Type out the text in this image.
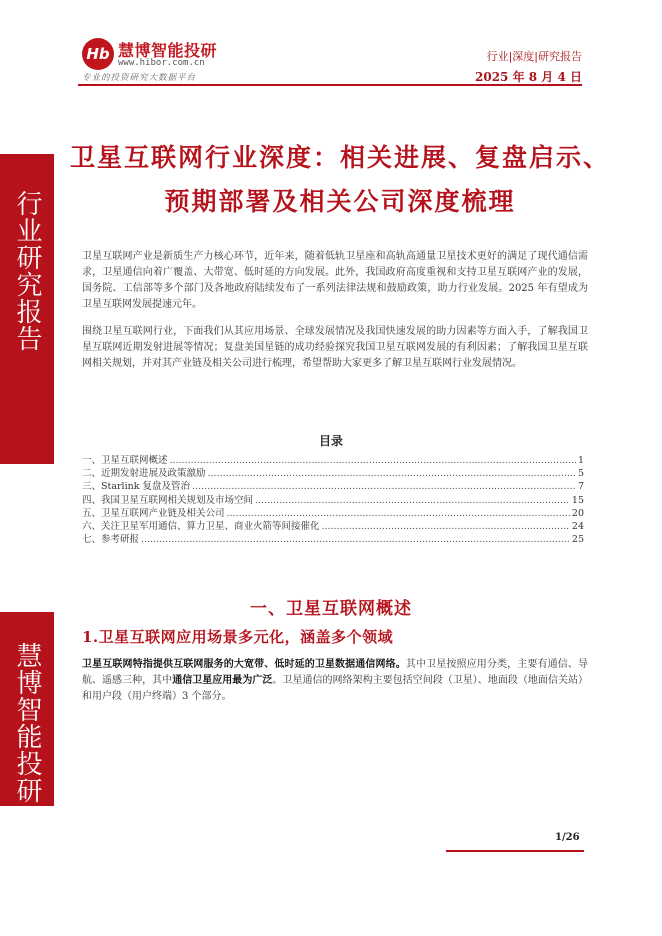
行业研究报告
慧博智能投研
Hb 慧博智能投研
www.hibor.com.cn
专业的投资研究大数据平台
行业|深度|研究报告
2025 年 8 月 4 日
卫星互联网行业深度：相关进展、复盘启示、
预期部署及相关公司深度梳理
卫星互联网产业是新质生产力核心环节，近年来，随着低轨卫星座和高轨高通量卫星技术更好的满足了现代通信需求，卫星通信向着广覆盖、大带宽、低时延的方向发展。此外，我国政府高度重视和支持卫星互联网产业的发展，国务院、工信部等多个部门及各地政府陆续发布了一系列法律法规和鼓励政策，助力行业发展。2025 年有望成为卫星互联网发展提速元年。
围绕卫星互联网行业，下面我们从其应用场景、全球发展情况及我国快速发展的助力因素等方面入手，了解我国卫星互联网近期发射进展等情况；复盘美国星链的成功经验探究我国卫星互联网发展的有利因素；了解我国卫星互联网相关规划，并对其产业链及相关公司进行梳理，希望帮助大家更多了解卫星互联网行业发展情况。
目录
一、卫星互联网概述 .....	1
二、近期发射进展及政策激励 .....	5
三、Starlink 复盘及管治 .....	7
四、我国卫星互联网相关规划及市场空间 .....	15
五、卫星互联网产业链及相关公司 .....	20
六、关注卫星军用通信、算力卫星、商业火箭等间接催化 .....	24
七、参考研报 .....	25
一、卫星互联网概述
1.卫星互联网应用场景多元化，涵盖多个领域
卫星互联网特指提供互联网服务的大宽带、低时延的卫星数据通信网络。其中卫星按照应用分类，主要有通信、导航、遥感三种，其中通信卫星应用最为广泛。卫星通信的网络架构主要包括空间段（卫星）、地面段（地面信关站）和用户段（用户终端）3 个部分。
1/26
